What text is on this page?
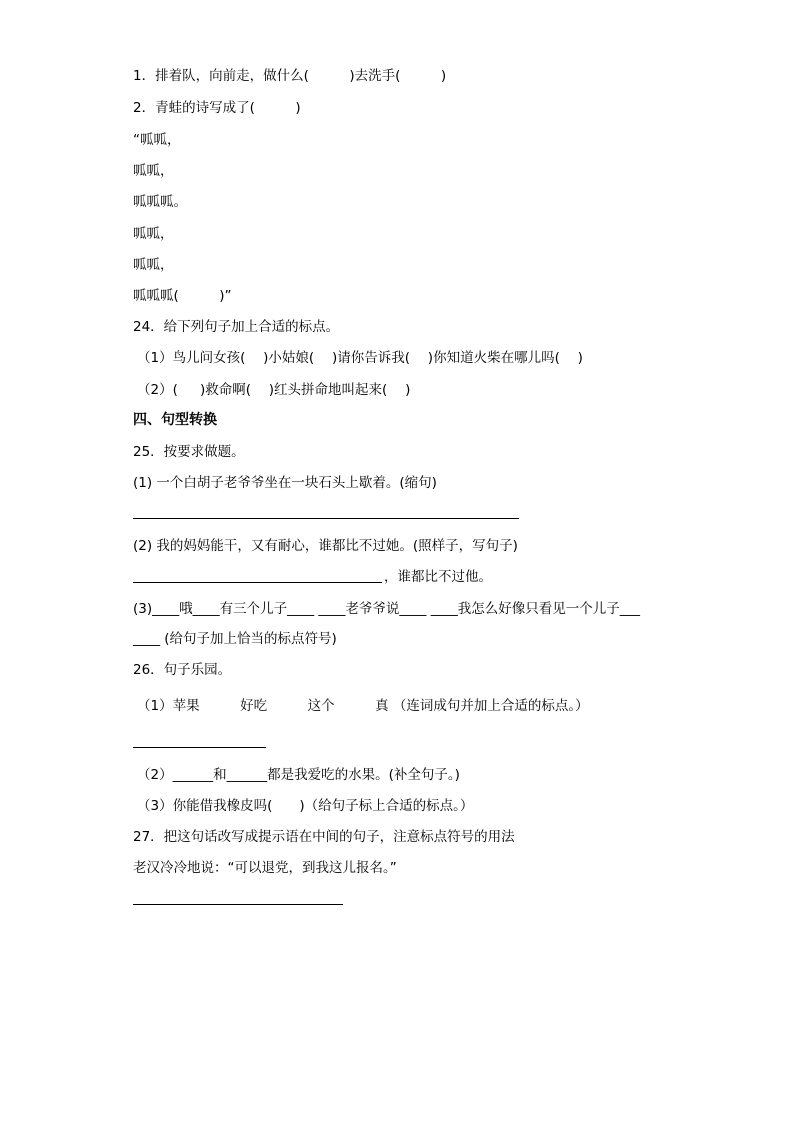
1．排着队，向前走，做什么(　　　)去洗手(　　　)
2．青蛙的诗写成了(　　　)
“呱呱，
呱呱，
呱呱呱。
呱呱，
呱呱，
呱呱呱(　　　)”
24．给下列句子加上合适的标点。
（1）鸟儿问女孩(　 )小姑娘(　 )请你告诉我(　 )你知道火柴在哪儿吗(　 )
（2）(　  )救命啊(　 )红头拼命地叫起来(　 )
四、句型转换
25．按要求做题。
(1) 一个白胡子老爷爷坐在一块石头上歇着。(缩句)
(2) 我的妈妈能干，又有耐心，谁都比不过她。(照样子，写句子)
，谁都比不过他。
(3)____哦____有三个儿子____ ____老爷爷说____ ____我怎么好像只看见一个儿子___
____ (给句子加上恰当的标点符号)
26．句子乐园。
（1）苹果　　　好吃　　　这个　　　真 （连词成句并加上合适的标点。）
（2）______和______都是我爱吃的水果。(补全句子。)
（3）你能借我橡皮吗(　　)（给句子标上合适的标点。）
27．把这句话改写成提示语在中间的句子，注意标点符号的用法
老汉冷冷地说：“可以退党，到我这儿报名。”
